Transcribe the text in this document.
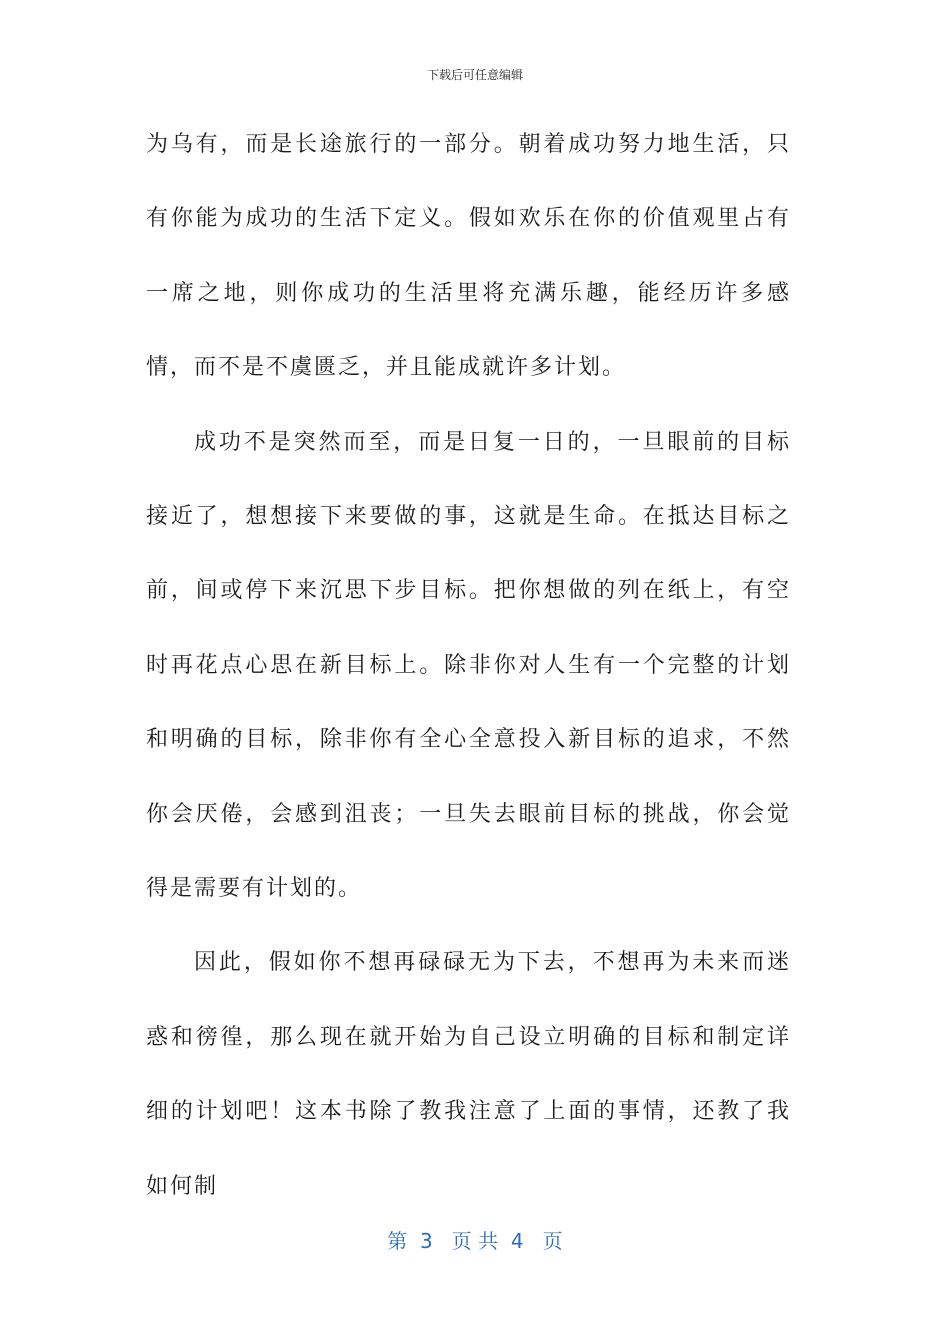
下载后可任意编辑

为乌有，而是长途旅行的一部分。朝着成功努力地生活，只有你能为成功的生活下定义。假如欢乐在你的价值观里占有一席之地，则你成功的生活里将充满乐趣，能经历许多感情，而不是不虞匮乏，并且能成就许多计划。

成功不是突然而至，而是日复一日的，一旦眼前的目标接近了，想想接下来要做的事，这就是生命。在抵达目标之前，间或停下来沉思下步目标。把你想做的列在纸上，有空时再花点心思在新目标上。除非你对人生有一个完整的计划和明确的目标，除非你有全心全意投入新目标的追求，不然你会厌倦，会感到沮丧；一旦失去眼前目标的挑战，你会觉得是需要有计划的。

因此，假如你不想再碌碌无为下去，不想再为未来而迷惑和徬徨，那么现在就开始为自己设立明确的目标和制定详细的计划吧！这本书除了教我注意了上面的事情，还教了我如何制

第  3   页 共  4   页
